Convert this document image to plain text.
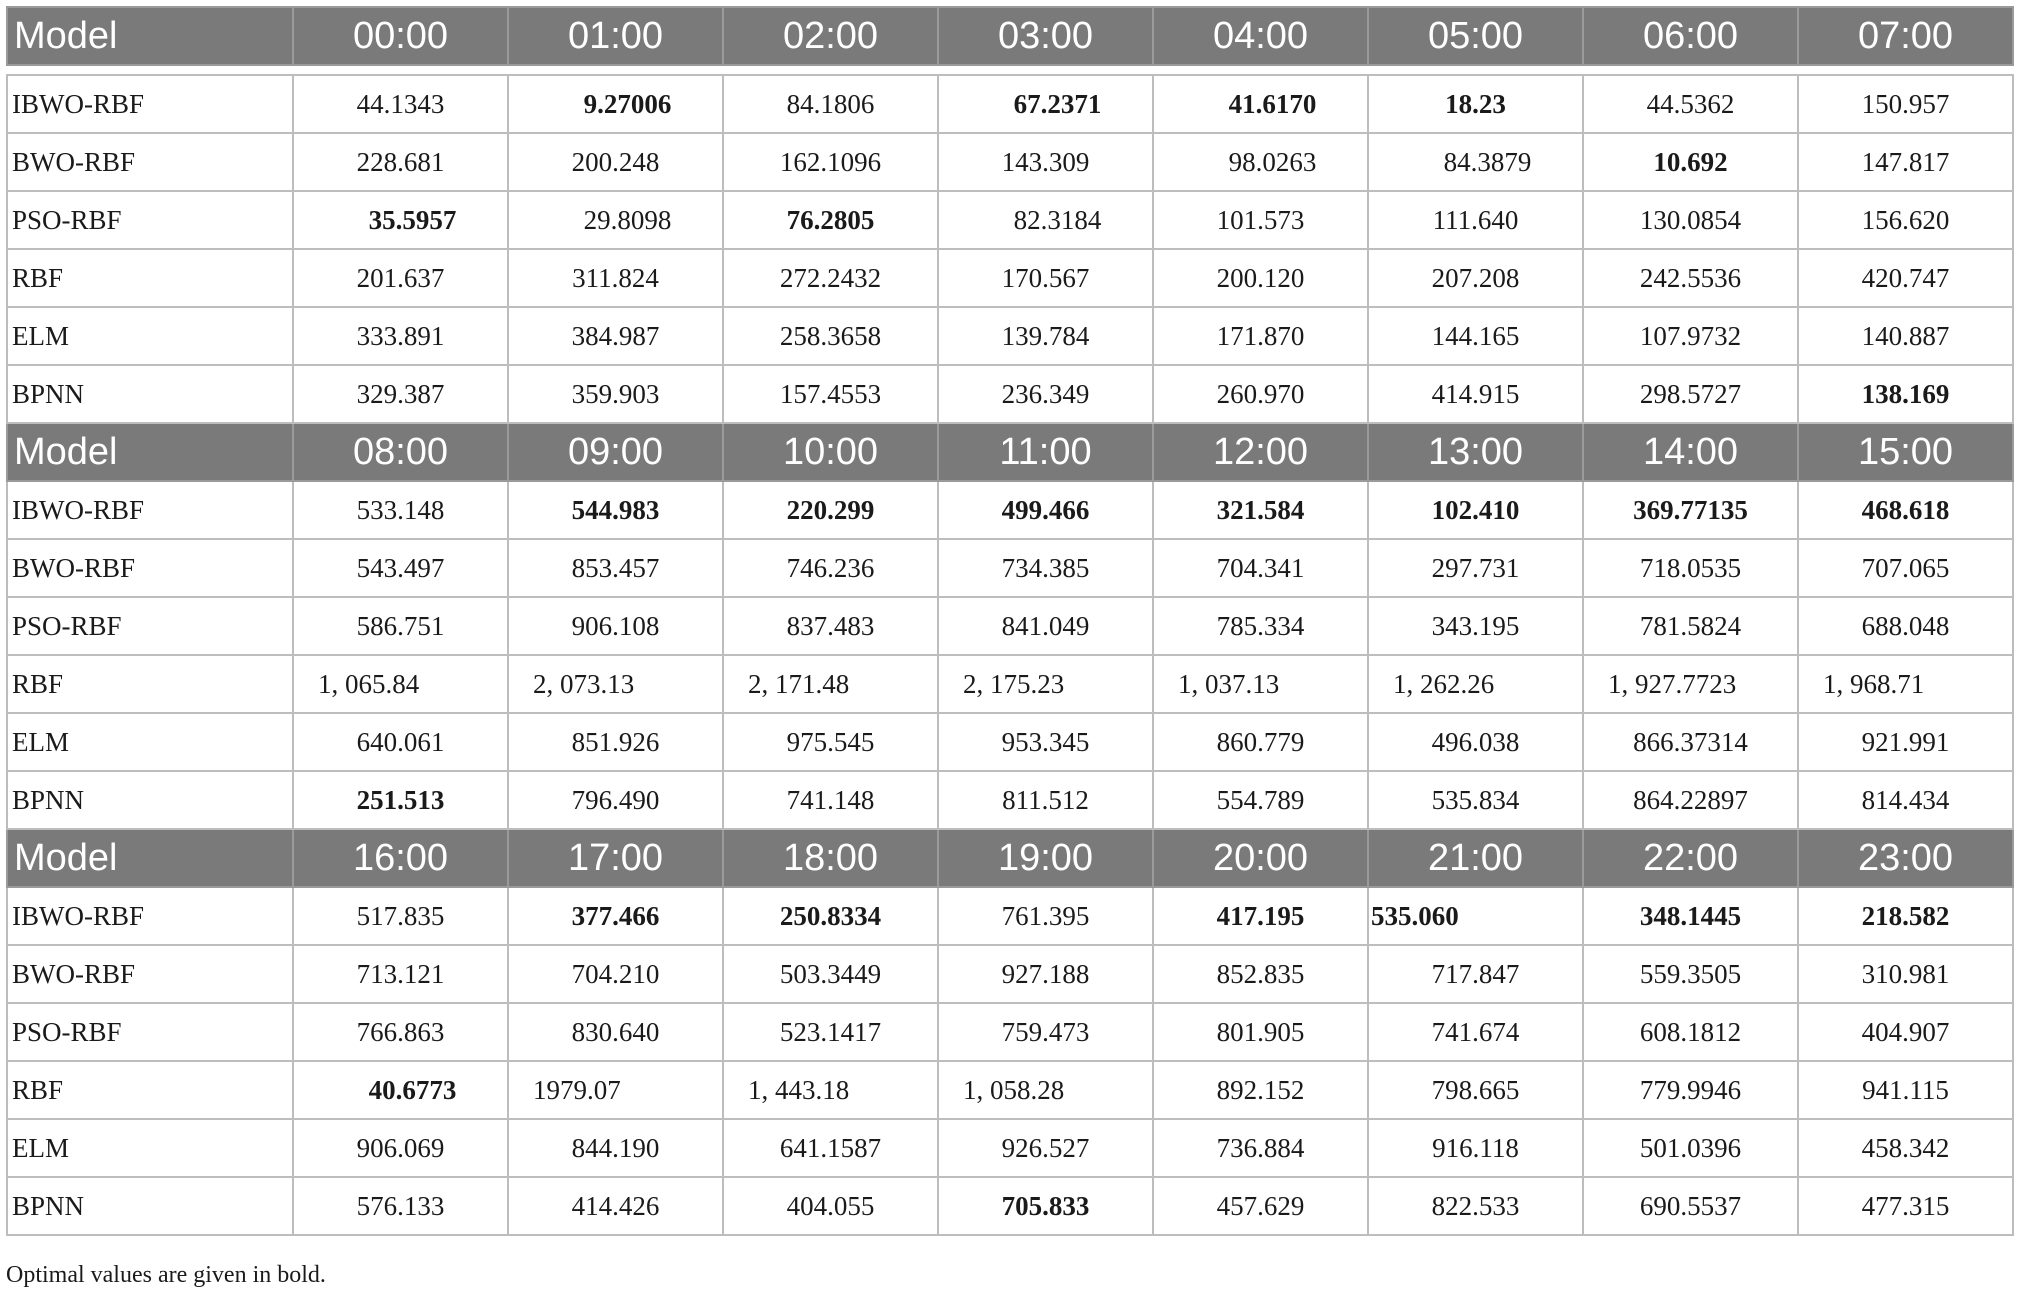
Model	00:00	01:00	02:00	03:00	04:00	05:00	06:00	07:00

IBWO-RBF	44.1343	9.27006	84.1806	67.2371	41.6170	18.23	44.5362	150.957
BWO-RBF	228.681	200.248	162.1096	143.309	98.0263	84.3879	10.692	147.817
PSO-RBF	35.5957	29.8098	76.2805	82.3184	101.573	111.640	130.0854	156.620
RBF	201.637	311.824	272.2432	170.567	200.120	207.208	242.5536	420.747
ELM	333.891	384.987	258.3658	139.784	171.870	144.165	107.9732	140.887
BPNN	329.387	359.903	157.4553	236.349	260.970	414.915	298.5727	138.169
Model	08:00	09:00	10:00	11:00	12:00	13:00	14:00	15:00
IBWO-RBF	533.148	544.983	220.299	499.466	321.584	102.410	369.77135	468.618
BWO-RBF	543.497	853.457	746.236	734.385	704.341	297.731	718.0535	707.065
PSO-RBF	586.751	906.108	837.483	841.049	785.334	343.195	781.5824	688.048
RBF	1, 065.84	2, 073.13	2, 171.48	2, 175.23	1, 037.13	1, 262.26	1, 927.7723	1, 968.71
ELM	640.061	851.926	975.545	953.345	860.779	496.038	866.37314	921.991
BPNN	251.513	796.490	741.148	811.512	554.789	535.834	864.22897	814.434
Model	16:00	17:00	18:00	19:00	20:00	21:00	22:00	23:00
IBWO-RBF	517.835	377.466	250.8334	761.395	417.195	535.060	348.1445	218.582
BWO-RBF	713.121	704.210	503.3449	927.188	852.835	717.847	559.3505	310.981
PSO-RBF	766.863	830.640	523.1417	759.473	801.905	741.674	608.1812	404.907
RBF	40.6773	1979.07	1, 443.18	1, 058.28	892.152	798.665	779.9946	941.115
ELM	906.069	844.190	641.1587	926.527	736.884	916.118	501.0396	458.342
BPNN	576.133	414.426	404.055	705.833	457.629	822.533	690.5537	477.315
Optimal values are given in bold.
